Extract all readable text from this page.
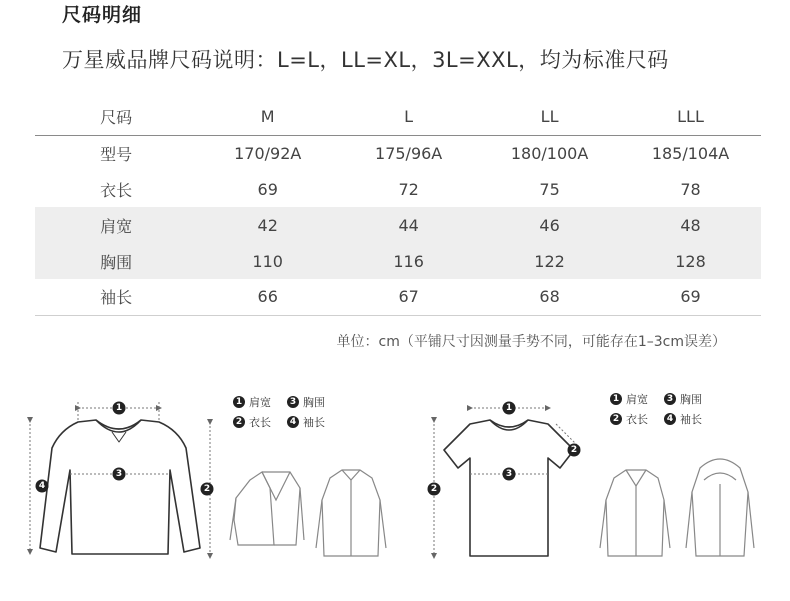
尺码明细
万星威品牌尺码说明：L=L，LL=XL，3L=XXL，均为标准尺码
尺码	M	L	LL	LLL
型号	170/92A	175/96A	180/100A	185/104A
衣长	69	72	75	78
肩宽	42	44	46	48
胸围	110	116	122	128
袖长	66	67	68	69
单位：cm（平铺尺寸因测量手势不同，可能存在1–3cm误差）
1 肩宽	3 胸围
2 衣长	4 袖长
1 肩宽	3 胸围
2 衣长	4 袖长
1
3
2
4
1
3
2
2
